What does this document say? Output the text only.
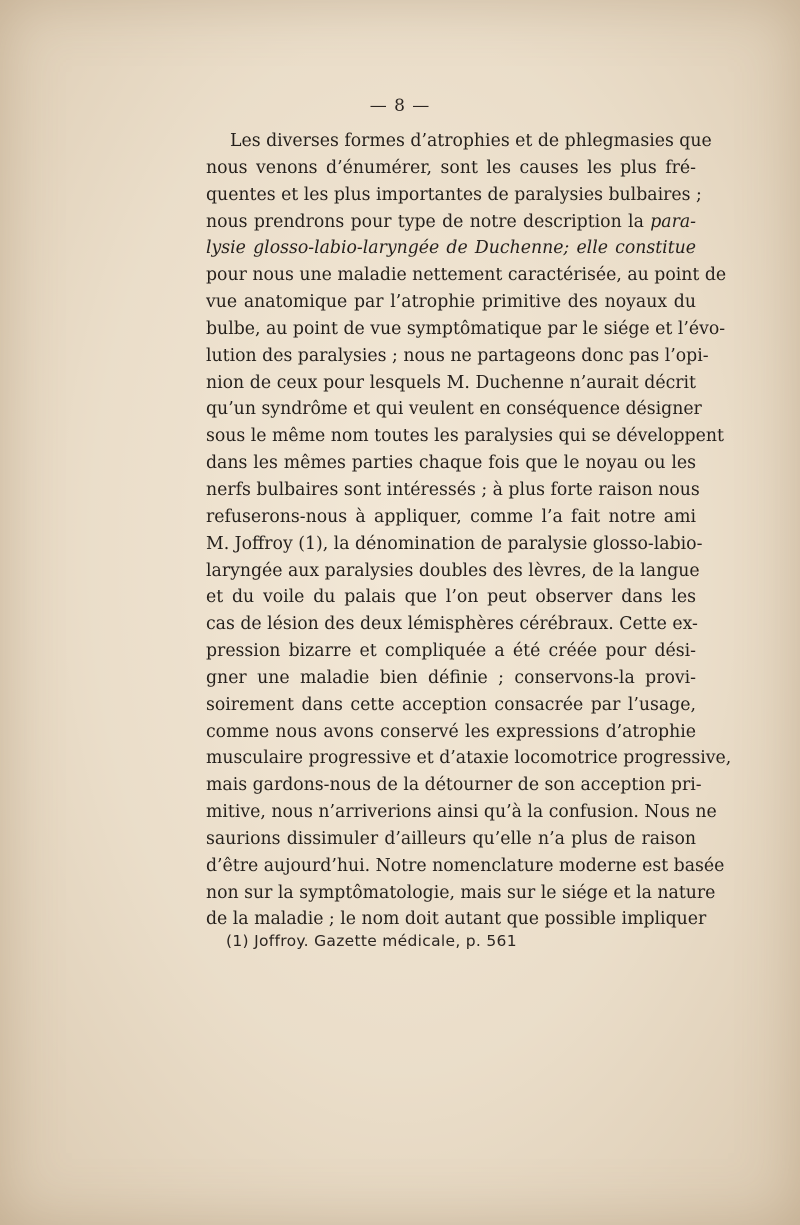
— 8 —
Les diverses formes d’atrophies et de phlegmasies que
nous venons d’énumérer, sont les causes les plus fré-
quentes et les plus importantes de paralysies bulbaires ;
nous prendrons pour type de notre description la para-
lysie glosso-labio-laryngée de Duchenne; elle constitue
pour nous une maladie nettement caractérisée, au point de
vue anatomique par l’atrophie primitive des noyaux du
bulbe, au point de vue symptômatique par le siége et l’évo-
lution des paralysies ; nous ne partageons donc pas l’opi-
nion de ceux pour lesquels M. Duchenne n’aurait décrit
qu’un syndrôme et qui veulent en conséquence désigner
sous le même nom toutes les paralysies qui se développent
dans les mêmes parties chaque fois que le noyau ou les
nerfs bulbaires sont intéressés ; à plus forte raison nous
refuserons-nous à appliquer, comme l’a fait notre ami
M. Joffroy (1), la dénomination de paralysie glosso-labio-
laryngée aux paralysies doubles des lèvres, de la langue
et du voile du palais que l’on peut observer dans les
cas de lésion des deux lémisphères cérébraux. Cette ex-
pression bizarre et compliquée a été créée pour dési-
gner une maladie bien définie ; conservons-la provi-
soirement dans cette acception consacrée par l’usage,
comme nous avons conservé les expressions d’atrophie
musculaire progressive et d’ataxie locomotrice progressive,
mais gardons-nous de la détourner de son acception pri-
mitive, nous n’arriverions ainsi qu’à la confusion. Nous ne
saurions dissimuler d’ailleurs qu’elle n’a plus de raison
d’être aujourd’hui. Notre nomenclature moderne est basée
non sur la symptômatologie, mais sur le siége et la nature
de la maladie ; le nom doit autant que possible impliquer
(1) Joffroy. Gazette médicale, p. 561
